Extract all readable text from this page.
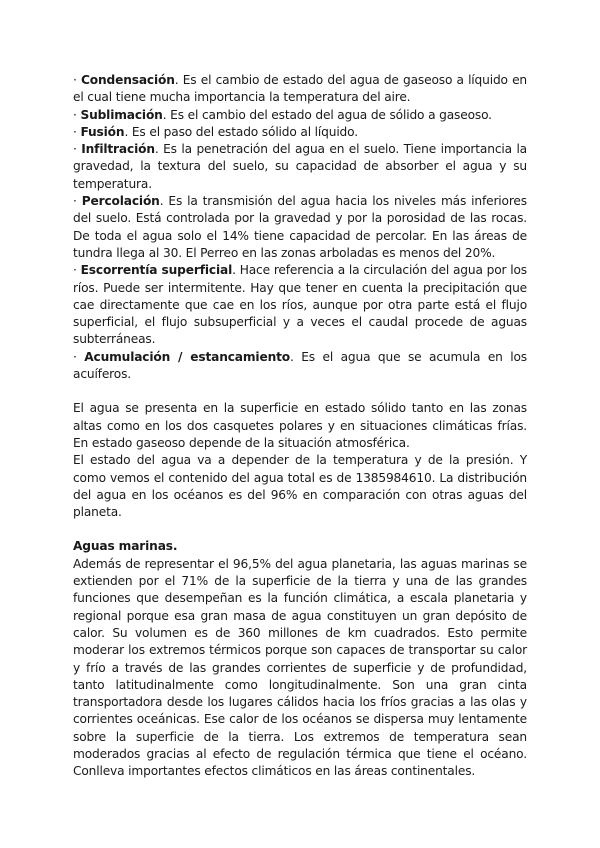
· Condensación. Es el cambio de estado del agua de gaseoso a líquido en el cual tiene mucha importancia la temperatura del aire.

· Sublimación. Es el cambio del estado del agua de sólido a gaseoso.

· Fusión. Es el paso del estado sólido al líquido.

· Infiltración. Es la penetración del agua en el suelo. Tiene importancia la gravedad, la textura del suelo, su capacidad de absorber el agua y su temperatura.

· Percolación. Es la transmisión del agua hacia los niveles más inferiores del suelo. Está controlada por la gravedad y por la porosidad de las rocas. De toda el agua solo el 14% tiene capacidad de percolar. En las áreas de tundra llega al 30. El Perreo en las zonas arboladas es menos del 20%.

· Escorrentía superficial. Hace referencia a la circulación del agua por los ríos. Puede ser intermitente. Hay que tener en cuenta la precipitación que cae directamente que cae en los ríos, aunque por otra parte está el flujo superficial, el flujo subsuperficial y a veces el caudal procede de aguas subterráneas.

· Acumulación / estancamiento. Es el agua que se acumula en los acuíferos.

El agua se presenta en la superficie en estado sólido tanto en las zonas altas como en los dos casquetes polares y en situaciones climáticas frías. En estado gaseoso depende de la situación atmosférica.

El estado del agua va a depender de la temperatura y de la presión. Y como vemos el contenido del agua total es de 1385984610. La distribución del agua en los océanos es del 96% en comparación con otras aguas del planeta.

Aguas marinas.

Además de representar el 96,5% del agua planetaria, las aguas marinas se extienden por el 71% de la superficie de la tierra y una de las grandes funciones que desempeñan es la función climática, a escala planetaria y regional porque esa gran masa de agua constituyen un gran depósito de calor. Su volumen es de 360 millones de km cuadrados. Esto permite moderar los extremos térmicos porque son capaces de transportar su calor y frío a través de las grandes corrientes de superficie y de profundidad, tanto latitudinalmente como longitudinalmente. Son una gran cinta transportadora desde los lugares cálidos hacia los fríos gracias a las olas y corrientes oceánicas. Ese calor de los océanos se dispersa muy lentamente sobre la superficie de la tierra. Los extremos de temperatura sean moderados gracias al efecto de regulación térmica que tiene el océano. Conlleva importantes efectos climáticos en las áreas continentales.
